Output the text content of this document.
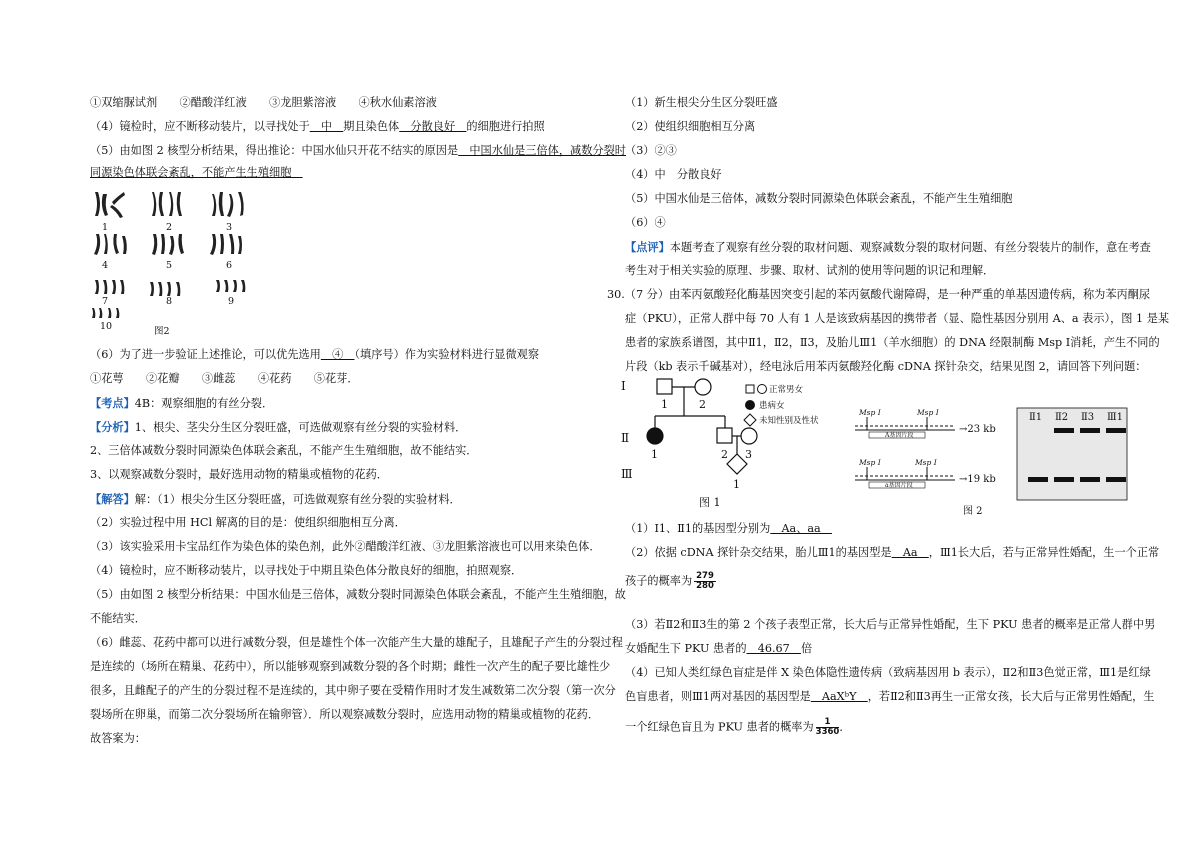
①双缩脲试剂　　②醋酸洋红液　　③龙胆紫溶液　　④秋水仙素溶液
（4）镜检时，应不断移动装片，以寻找处于　中　期且染色体　分散良好　的细胞进行拍照
（5）由如图 2 核型分析结果，得出推论：中国水仙只开花不结实的原因是　中国水仙是三倍体，减数分裂时
同源染色体联会紊乱，不能产生生殖细胞　
1	2	3
4	5	6
7	8	9
10	图2
（6）为了进一步验证上述推论，可以优先选用　④　（填序号）作为实验材料进行显微观察
①花萼　　②花瓣　　③雌蕊　　④花药　　⑤花芽．
【考点】4B：观察细胞的有丝分裂．
【分析】1、根尖、茎尖分生区分裂旺盛，可选做观察有丝分裂的实验材料．
2、三倍体减数分裂时同源染色体联会紊乱，不能产生生殖细胞，故不能结实．
3、以观察减数分裂时，最好选用动物的精巢或植物的花药．
【解答】解：（1）根尖分生区分裂旺盛，可选做观察有丝分裂的实验材料．
（2）实验过程中用 HCl 解离的目的是：使组织细胞相互分离．
（3）该实验采用卡宝品红作为染色体的染色剂，此外②醋酸洋红液、③龙胆紫溶液也可以用来染色体．
（4）镜检时，应不断移动装片，以寻找处于中期且染色体分散良好的细胞，拍照观察．
（5）由如图 2 核型分析结果：中国水仙是三倍体，减数分裂时同源染色体联会紊乱，不能产生生殖细胞，故
不能结实．
（6）雌蕊、花药中都可以进行减数分裂，但是雄性个体一次能产生大量的雄配子，且雄配子产生的分裂过程
是连续的（场所在精巢、花药中），所以能够观察到减数分裂的各个时期；雌性一次产生的配子要比雄性少
很多，且雌配子的产生的分裂过程不是连续的，其中卵子要在受精作用时才发生减数第二次分裂（第一次分
裂场所在卵巢，而第二次分裂场所在输卵管）．所以观察减数分裂时，应选用动物的精巢或植物的花药．
故答案为：
（1）新生根尖分生区分裂旺盛
（2）使组织细胞相互分离
（3）②③
（4）中　分散良好
（5）中国水仙是三倍体，减数分裂时同源染色体联会紊乱，不能产生生殖细胞
（6）④
【点评】本题考查了观察有丝分裂的取材问题、观察减数分裂的取材问题、有丝分裂装片的制作，意在考查
考生对于相关实验的原理、步骤、取材、试剂的使用等问题的识记和理解．
30.（7 分）由苯丙氨酸羟化酶基因突变引起的苯丙氨酸代谢障碍，是一种严重的单基因遗传病，称为苯丙酮尿
症（PKU），正常人群中每 70 人有 1 人是该致病基因的携带者（显、隐性基因分别用 A、a 表示），图 1 是某
患者的家族系谱图，其中Ⅱ1，Ⅱ2，Ⅱ3，及胎儿Ⅲ1（羊水细胞）的 DNA 经限制酶 Msp Ⅰ消耗，产生不同的
片段（kb 表示千碱基对），经电泳后用苯丙氨酸羟化酶 cDNA 探针杂交，结果见图 2，请回答下列问题：
Ⅰ
Ⅱ
Ⅲ
1	2
1	2 3
1
图 1
正常男女
患病女
未知性别及性状
Msp Ⅰ	Msp Ⅰ
Msp Ⅰ	Msp Ⅰ
A基因片段
a基因片段
→23 kb
→19 kb
图 2
Ⅱ1 Ⅱ2 Ⅱ3 Ⅲ1
（1）Ⅰ1、Ⅱ1的基因型分别为　Aa、aa　
（2）依据 cDNA 探针杂交结果，胎儿Ⅲ1的基因型是　Aa　，Ⅲ1长大后，若与正常异性婚配，生一个正常
孩子的概率为 $\frac{279}{280}$
（3）若Ⅱ2和Ⅱ3生的第 2 个孩子表型正常，长大后与正常异性婚配，生下 PKU 患者的概率是正常人群中男
女婚配生下 PKU 患者的　46.67　倍
（4）已知人类红绿色盲症是伴 X 染色体隐性遗传病（致病基因用 b 表示），Ⅱ2和Ⅱ3色觉正常，Ⅲ1是红绿
色盲患者，则Ⅲ1两对基因的基因型是　AaXᵇY　，若Ⅱ2和Ⅱ3再生一正常女孩，长大后与正常男性婚配，生
一个红绿色盲且为 PKU 患者的概率为 $\frac{1}{3360}$ ．
